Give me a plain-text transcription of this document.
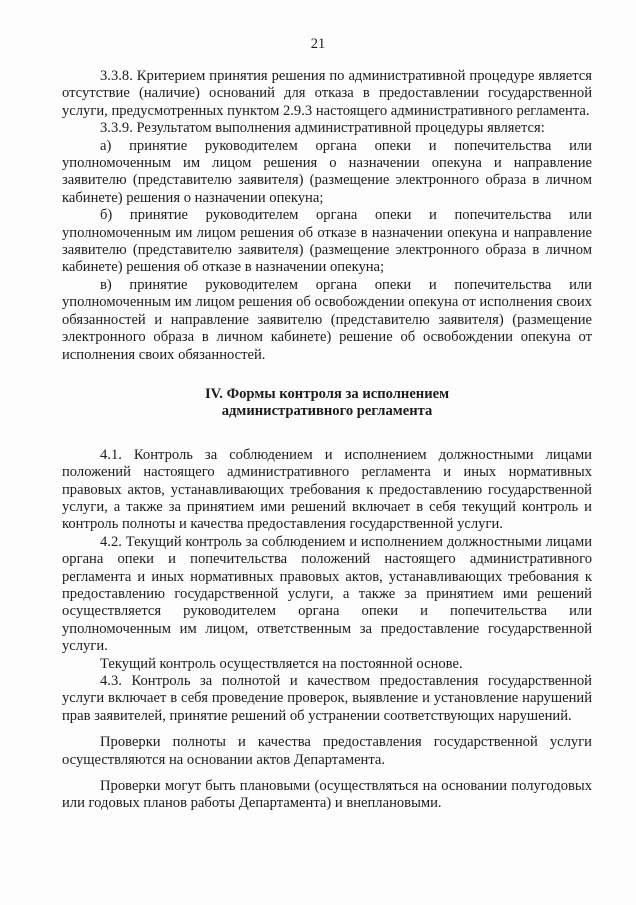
21

3.3.8. Критерием принятия решения по административной процедуре является отсутствие (наличие) оснований для отказа в предоставлении государственной услуги, предусмотренных пунктом 2.9.3 настоящего административного регламента.

3.3.9. Результатом выполнения административной процедуры является:

а) принятие руководителем органа опеки и попечительства или уполномоченным им лицом решения о назначении опекуна и направление заявителю (представителю заявителя) (размещение электронного образа в личном кабинете) решения о назначении опекуна;

б) принятие руководителем органа опеки и попечительства или уполномоченным им лицом решения об отказе в назначении опекуна и направление заявителю (представителю заявителя) (размещение электронного образа в личном кабинете) решения об отказе в назначении опекуна;

в) принятие руководителем органа опеки и попечительства или уполномоченным им лицом решения об освобождении опекуна от исполнения своих обязанностей и направление заявителю (представителю заявителя) (размещение электронного образа в личном кабинете) решение об освобождении опекуна от исполнения своих обязанностей.

IV. Формы контроля за исполнением
административного регламента

4.1. Контроль за соблюдением и исполнением должностными лицами положений настоящего административного регламента и иных нормативных правовых актов, устанавливающих требования к предоставлению государственной услуги, а также за принятием ими решений включает в себя текущий контроль и контроль полноты и качества предоставления государственной услуги.

4.2. Текущий контроль за соблюдением и исполнением должностными лицами органа опеки и попечительства положений настоящего административного регламента и иных нормативных правовых актов, устанавливающих требования к предоставлению государственной услуги, а также за принятием ими решений осуществляется руководителем органа опеки и попечительства или уполномоченным им лицом, ответственным за предоставление государственной услуги.

Текущий контроль осуществляется на постоянной основе.

4.3. Контроль за полнотой и качеством предоставления государственной услуги включает в себя проведение проверок, выявление и установление нарушений прав заявителей, принятие решений об устранении соответствующих нарушений.

Проверки полноты и качества предоставления государственной услуги осуществляются на основании актов Департамента.

Проверки могут быть плановыми (осуществляться на основании полугодовых или годовых планов работы Департамента) и внеплановыми.
